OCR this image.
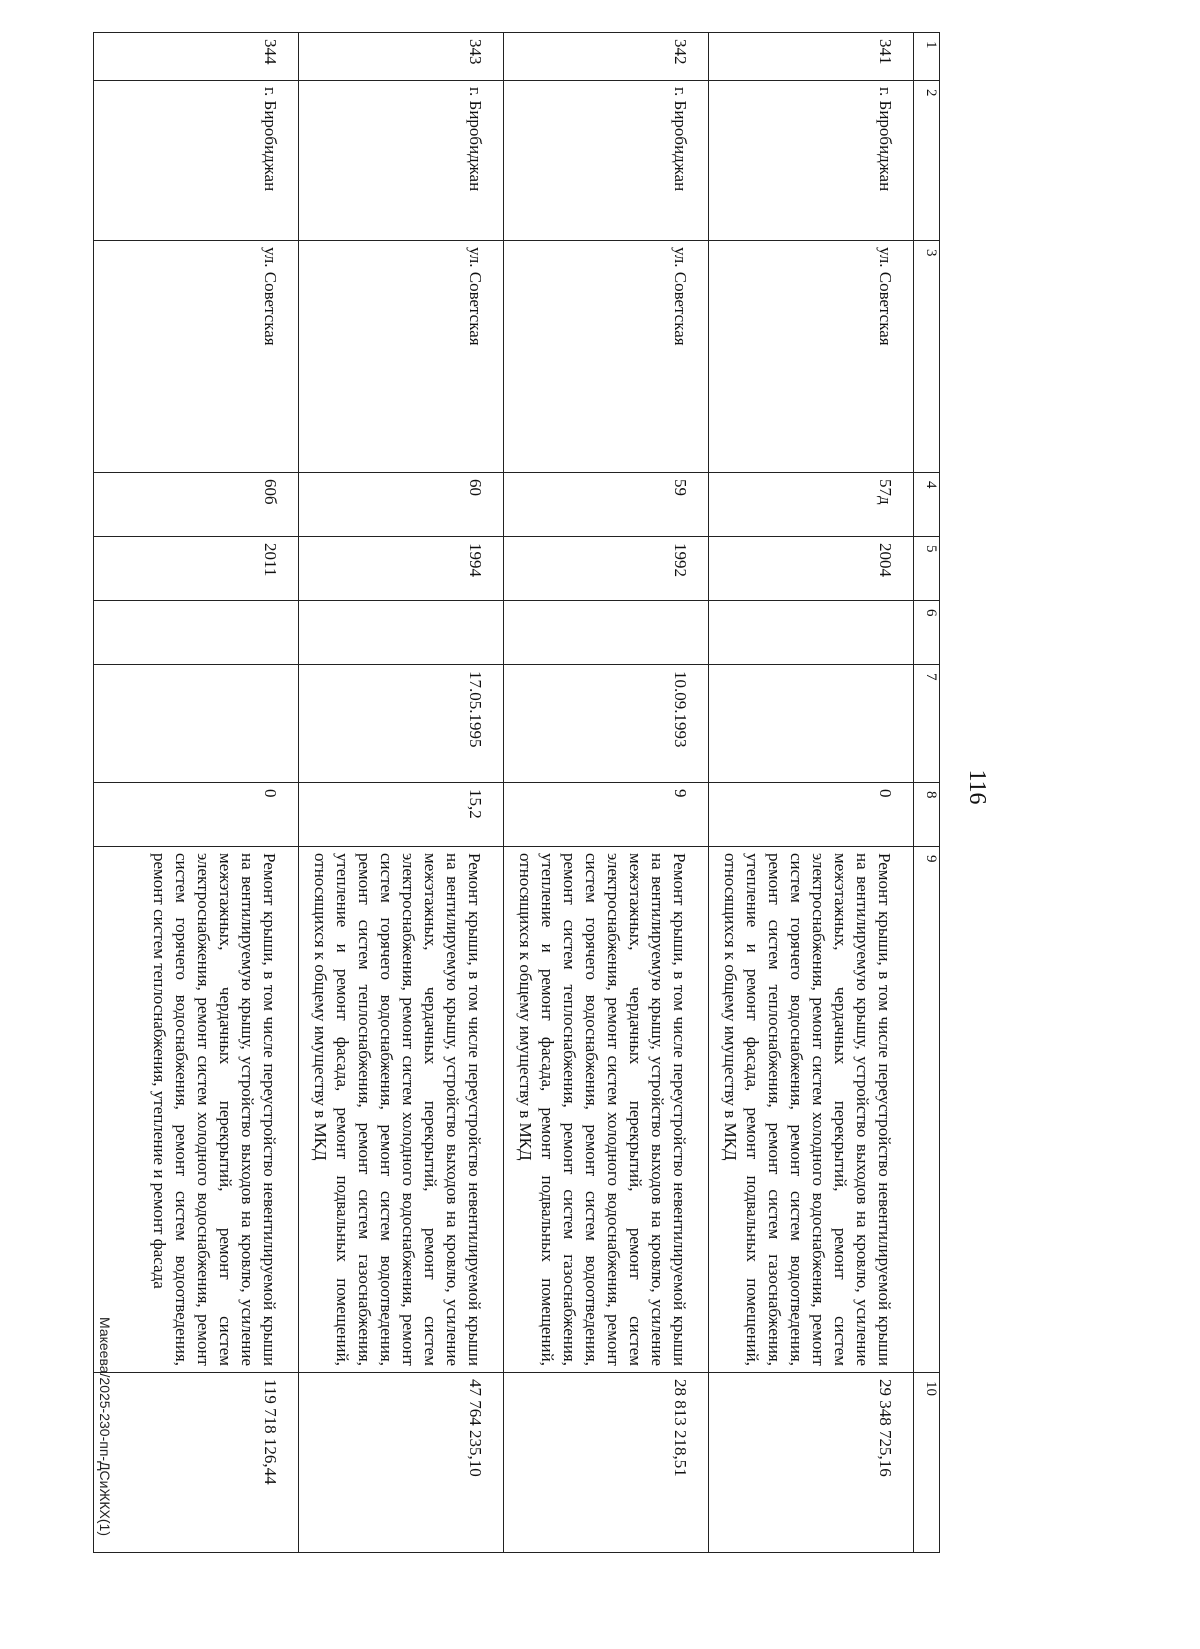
116
1	2	3	4	5	6	7	8	9	10
341	г. Биробиджан	ул. Советская	57д	2004			0	Ремонт крыши, в том числе переустройство невентилируемой крыши на вентилируемую крышу, устройство выходов на кровлю, усиление межэтажных, чердачных перекрытий, ремонт систем электроснабжения, ремонт систем холодного водоснабжения, ремонт систем горячего водоснабжения, ремонт систем водоотведения, ремонт систем теплоснабжения, ремонт систем газоснабжения, утепление и ремонт фасада, ремонт подвальных помещений, относящихся к общему имуществу в МКД	29 348 725,16
342	г. Биробиджан	ул. Советская	59	1992		10.09.1993	9	Ремонт крыши, в том числе переустройство невентилируемой крыши на вентилируемую крышу, устройство выходов на кровлю, усиление межэтажных, чердачных перекрытий, ремонт систем электроснабжения, ремонт систем холодного водоснабжения, ремонт систем горячего водоснабжения, ремонт систем водоотведения, ремонт систем теплоснабжения, ремонт систем газоснабжения, утепление и ремонт фасада, ремонт подвальных помещений, относящихся к общему имуществу в МКД	28 813 218,51
343	г. Биробиджан	ул. Советская	60	1994		17.05.1995	15,2	Ремонт крыши, в том числе переустройство невентилируемой крыши на вентилируемую крышу, устройство выходов на кровлю, усиление межэтажных, чердачных перекрытий, ремонт систем электроснабжения, ремонт систем холодного водоснабжения, ремонт систем горячего водоснабжения, ремонт систем водоотведения, ремонт систем теплоснабжения, ремонт систем газоснабжения, утепление и ремонт фасада, ремонт подвальных помещений, относящихся к общему имуществу в МКД	47 764 235,10
344	г. Биробиджан	ул. Советская	60б	2011			0	Ремонт крыши, в том числе переустройство невентилируемой крыши на вентилируемую крышу, устройство выходов на кровлю, усиление межэтажных, чердачных перекрытий, ремонт систем электроснабжения, ремонт систем холодного водоснабжения, ремонт систем горячего водоснабжения, ремонт систем водоотведения, ремонт систем теплоснабжения, утепление и ремонт фасада	119 718 126,44
Макеева/2025-230-пп-ДСиЖКХ(1)
